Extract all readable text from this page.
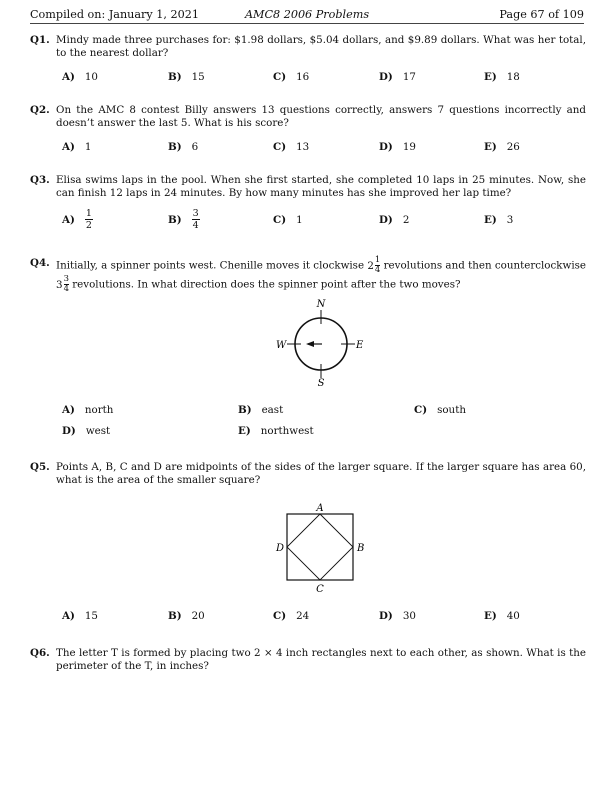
Compiled on: January 1, 2021	AMC8 2006 Problems	Page 67 of 109
Q1. Mindy made three purchases for: $1.98 dollars, $5.04 dollars, and $9.89 dollars. What was her total, to the nearest dollar?
A) 10	B) 15	C) 16	D) 17	E) 18
Q2. On the AMC 8 contest Billy answers 13 questions correctly, answers 7 questions incorrectly and doesn’t answer the last 5. What is his score?
A) 1	B) 6	C) 13	D) 19	E) 26
Q3. Elisa swims laps in the pool. When she first started, she completed 10 laps in 25 minutes. Now, she can finish 12 laps in 24 minutes. By how many minutes has she improved her lap time?
$A) \frac{1}{2}$	$B) \frac{3}{4}$	C) 1	D) 2	E) 3
Q4. Initially, a spinner points west. Chenille moves it clockwise $2 \frac{1}{4}$ revolutions and then counterclockwise $3 \frac{3}{4}$ revolutions. In what direction does the spinner point after the two moves?
N
S
W	E
A) north	B) east	C) south
D) west	E) northwest
Q5. Points A, B, C and D are midpoints of the sides of the larger square. If the larger square has area 60, what is the area of the smaller square?
A
B
C
D
A) 15	B) 20	C) 24	D) 30	E) 40
Q6. The letter T is formed by placing two 2 × 4 inch rectangles next to each other, as shown. What is the perimeter of the T, in inches?
